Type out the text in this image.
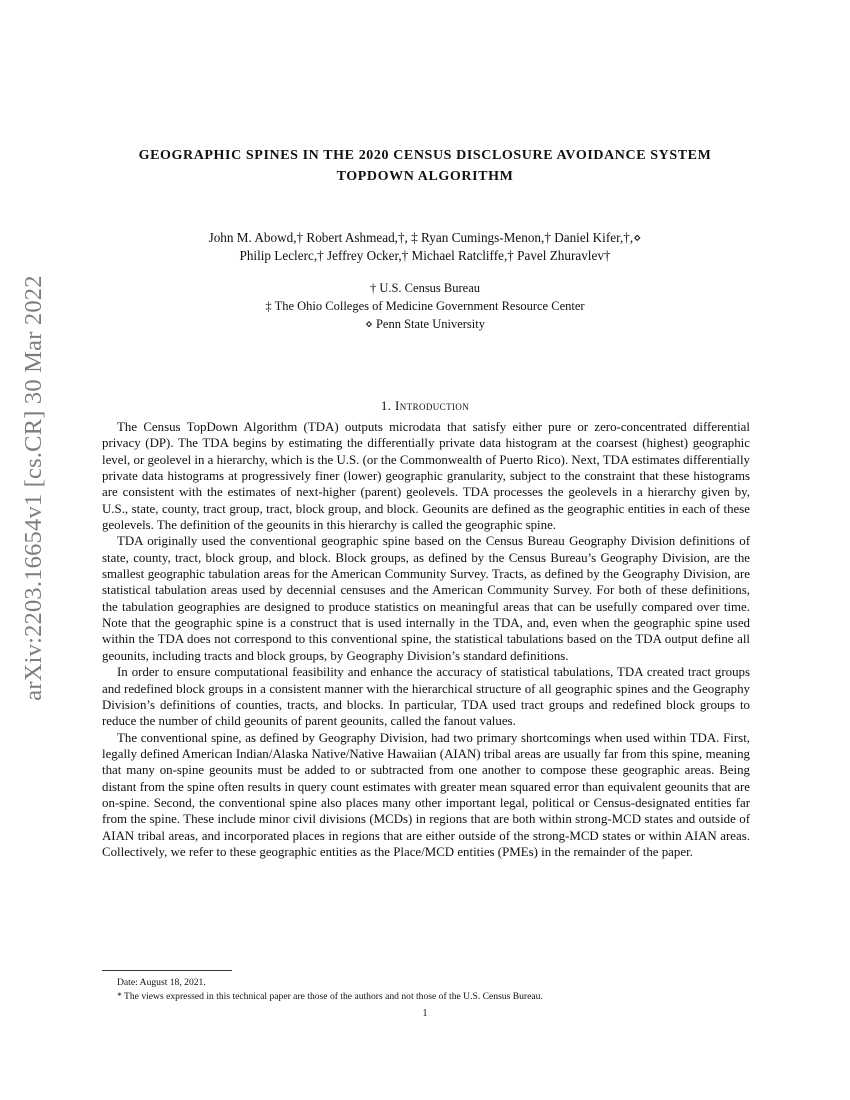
arXiv:2203.16654v1 [cs.CR] 30 Mar 2022
GEOGRAPHIC SPINES IN THE 2020 CENSUS DISCLOSURE AVOIDANCE SYSTEM
TOPDOWN ALGORITHM
John M. Abowd,† Robert Ashmead,†, ‡ Ryan Cumings-Menon,† Daniel Kifer,†,⋄
Philip Leclerc,† Jeffrey Ocker,† Michael Ratcliffe,† Pavel Zhuravlev†
† U.S. Census Bureau
‡ The Ohio Colleges of Medicine Government Resource Center
⋄ Penn State University
1. Introduction

The Census TopDown Algorithm (TDA) outputs microdata that satisfy either pure or zero-concentrated differential privacy (DP). The TDA begins by estimating the differentially private data histogram at the coarsest (highest) geographic level, or geolevel in a hierarchy, which is the U.S. (or the Commonwealth of Puerto Rico). Next, TDA estimates differentially private data histograms at progressively finer (lower) geographic granularity, subject to the constraint that these histograms are consistent with the estimates of next-higher (parent) geolevels. TDA processes the geolevels in a hierarchy given by, U.S., state, county, tract group, tract, block group, and block. Geounits are defined as the geographic entities in each of these geolevels. The definition of the geounits in this hierarchy is called the geographic spine.

TDA originally used the conventional geographic spine based on the Census Bureau Geography Division definitions of state, county, tract, block group, and block. Block groups, as defined by the Census Bureau’s Geography Division, are the smallest geographic tabulation areas for the American Community Survey. Tracts, as defined by the Geography Division, are statistical tabulation areas used by decennial censuses and the American Community Survey. For both of these definitions, the tabulation geographies are designed to produce statistics on meaningful areas that can be usefully compared over time. Note that the geographic spine is a construct that is used internally in the TDA, and, even when the geographic spine used within the TDA does not correspond to this conventional spine, the statistical tabulations based on the TDA output define all geounits, including tracts and block groups, by Geography Division’s standard definitions.

In order to ensure computational feasibility and enhance the accuracy of statistical tabulations, TDA created tract groups and redefined block groups in a consistent manner with the hierarchical structure of all geographic spines and the Geography Division’s definitions of counties, tracts, and blocks. In particular, TDA used tract groups and redefined block groups to reduce the number of child geounits of parent geounits, called the fanout values.

The conventional spine, as defined by Geography Division, had two primary shortcomings when used within TDA. First, legally defined American Indian/Alaska Native/Native Hawaiian (AIAN) tribal areas are usually far from this spine, meaning that many on-spine geounits must be added to or subtracted from one another to compose these geographic areas. Being distant from the spine often results in query count estimates with greater mean squared error than equivalent geounits that are on-spine. Second, the conventional spine also places many other important legal, political or Census-designated entities far from the spine. These include minor civil divisions (MCDs) in regions that are both within strong-MCD states and outside of AIAN tribal areas, and incorporated places in regions that are either outside of the strong-MCD states or within AIAN areas. Collectively, we refer to these geographic entities as the Place/MCD entities (PMEs) in the remainder of the paper.

Date: August 18, 2021.
* The views expressed in this technical paper are those of the authors and not those of the U.S. Census Bureau.
1
